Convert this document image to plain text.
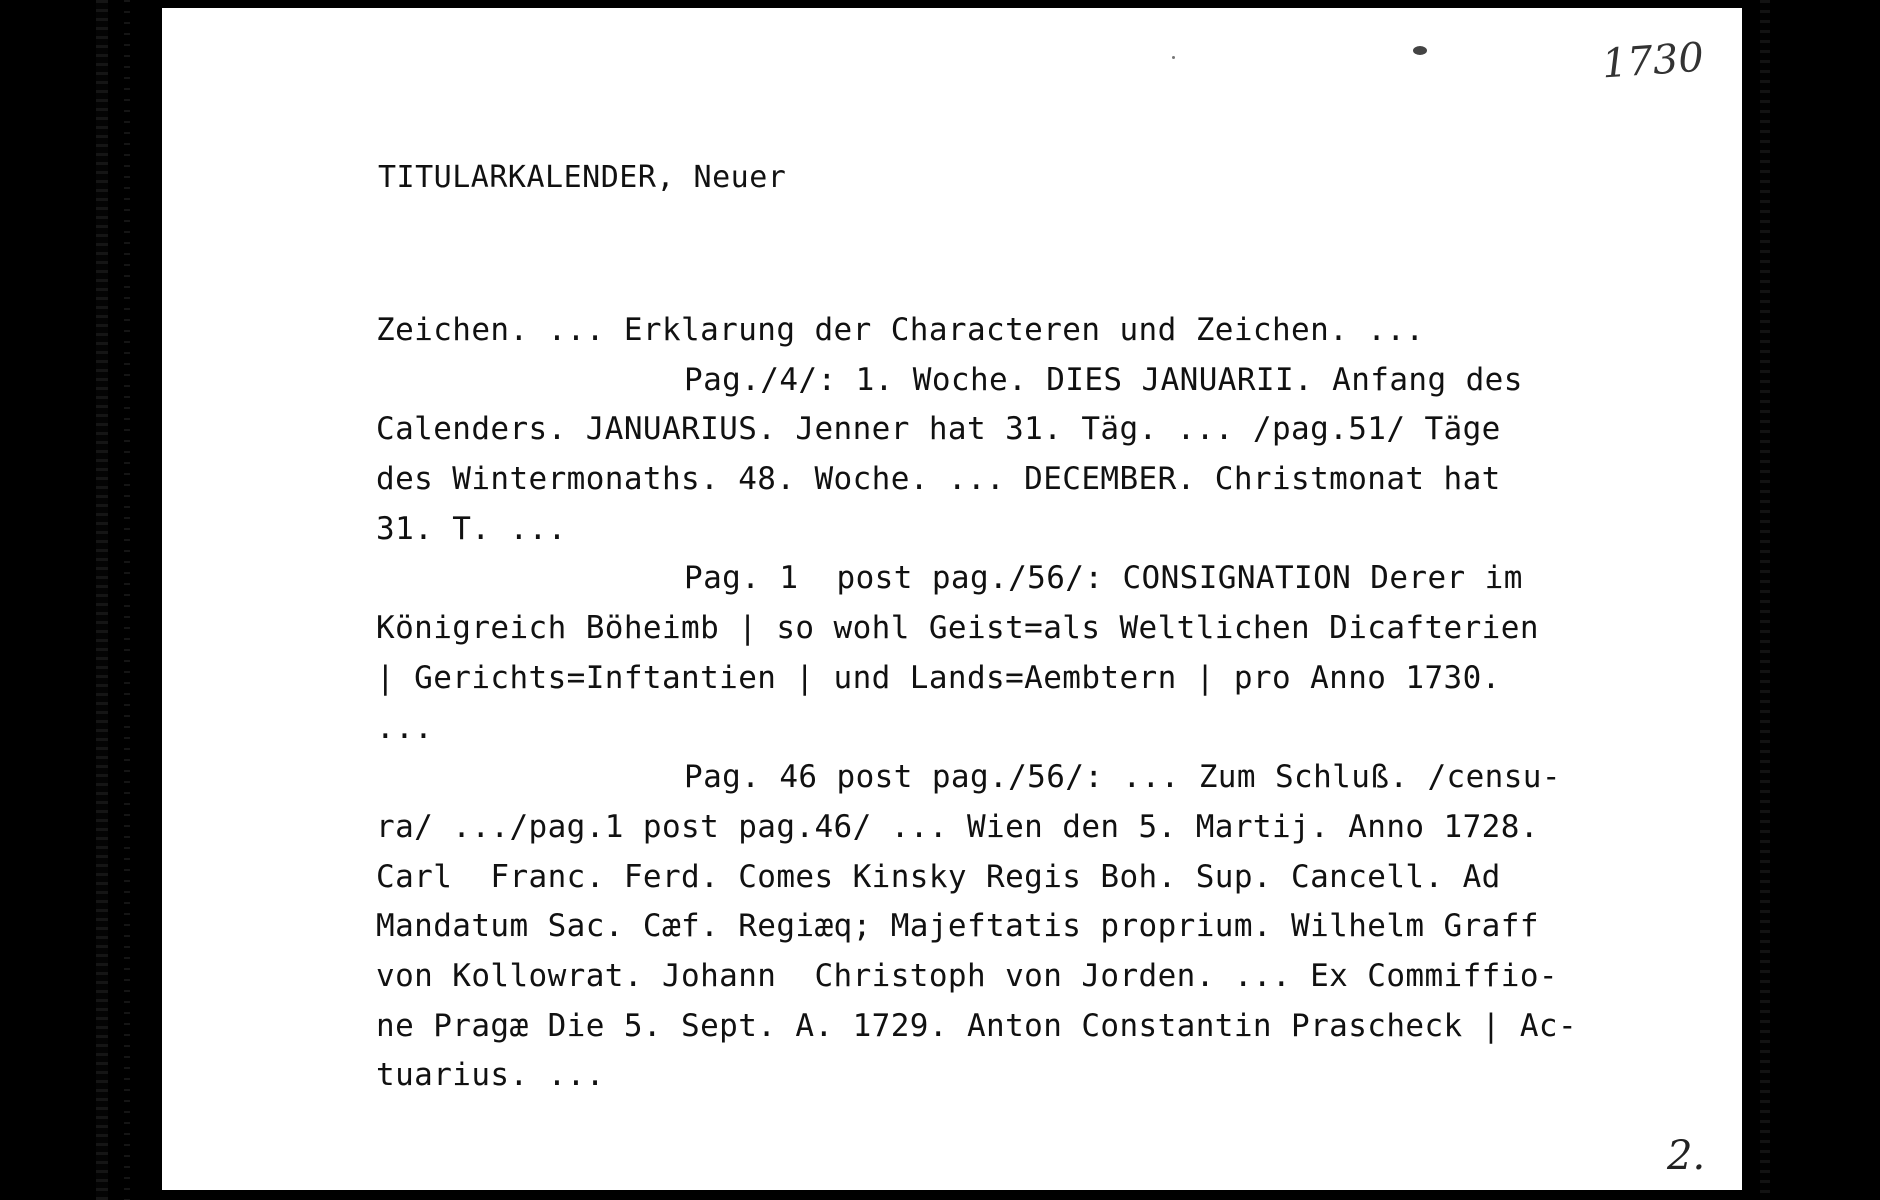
1730
TITULARKALENDER, Neuer
Zeichen. ... Erklarung der Characteren und Zeichen. ...
Pag./4/: 1. Woche. DIES JANUARII. Anfang des
Calenders. JANUARIUS. Jenner hat 31. Täg. ... /pag.51/ Täge
des Wintermonaths. 48. Woche. ... DECEMBER. Christmonat hat
31. T. ...
Pag. 1  post pag./56/: CONSIGNATION Derer im
Königreich Böheimb | so wohl Geist=als Weltlichen Dicafterien
| Gerichts=Inftantien | und Lands=Aembtern | pro Anno 1730.
...
Pag. 46 post pag./56/: ... Zum Schluß. /censu-
ra/ .../pag.1 post pag.46/ ... Wien den 5. Martij. Anno 1728.
Carl  Franc. Ferd. Comes Kinsky Regis Boh. Sup. Cancell. Ad
Mandatum Sac. Cæf. Regiæq; Majeftatis proprium. Wilhelm Graff
von Kollowrat. Johann  Christoph von Jorden. ... Ex Commiffio-
ne Pragæ Die 5. Sept. A. 1729. Anton Constantin Prascheck | Ac-
tuarius. ...
2.
